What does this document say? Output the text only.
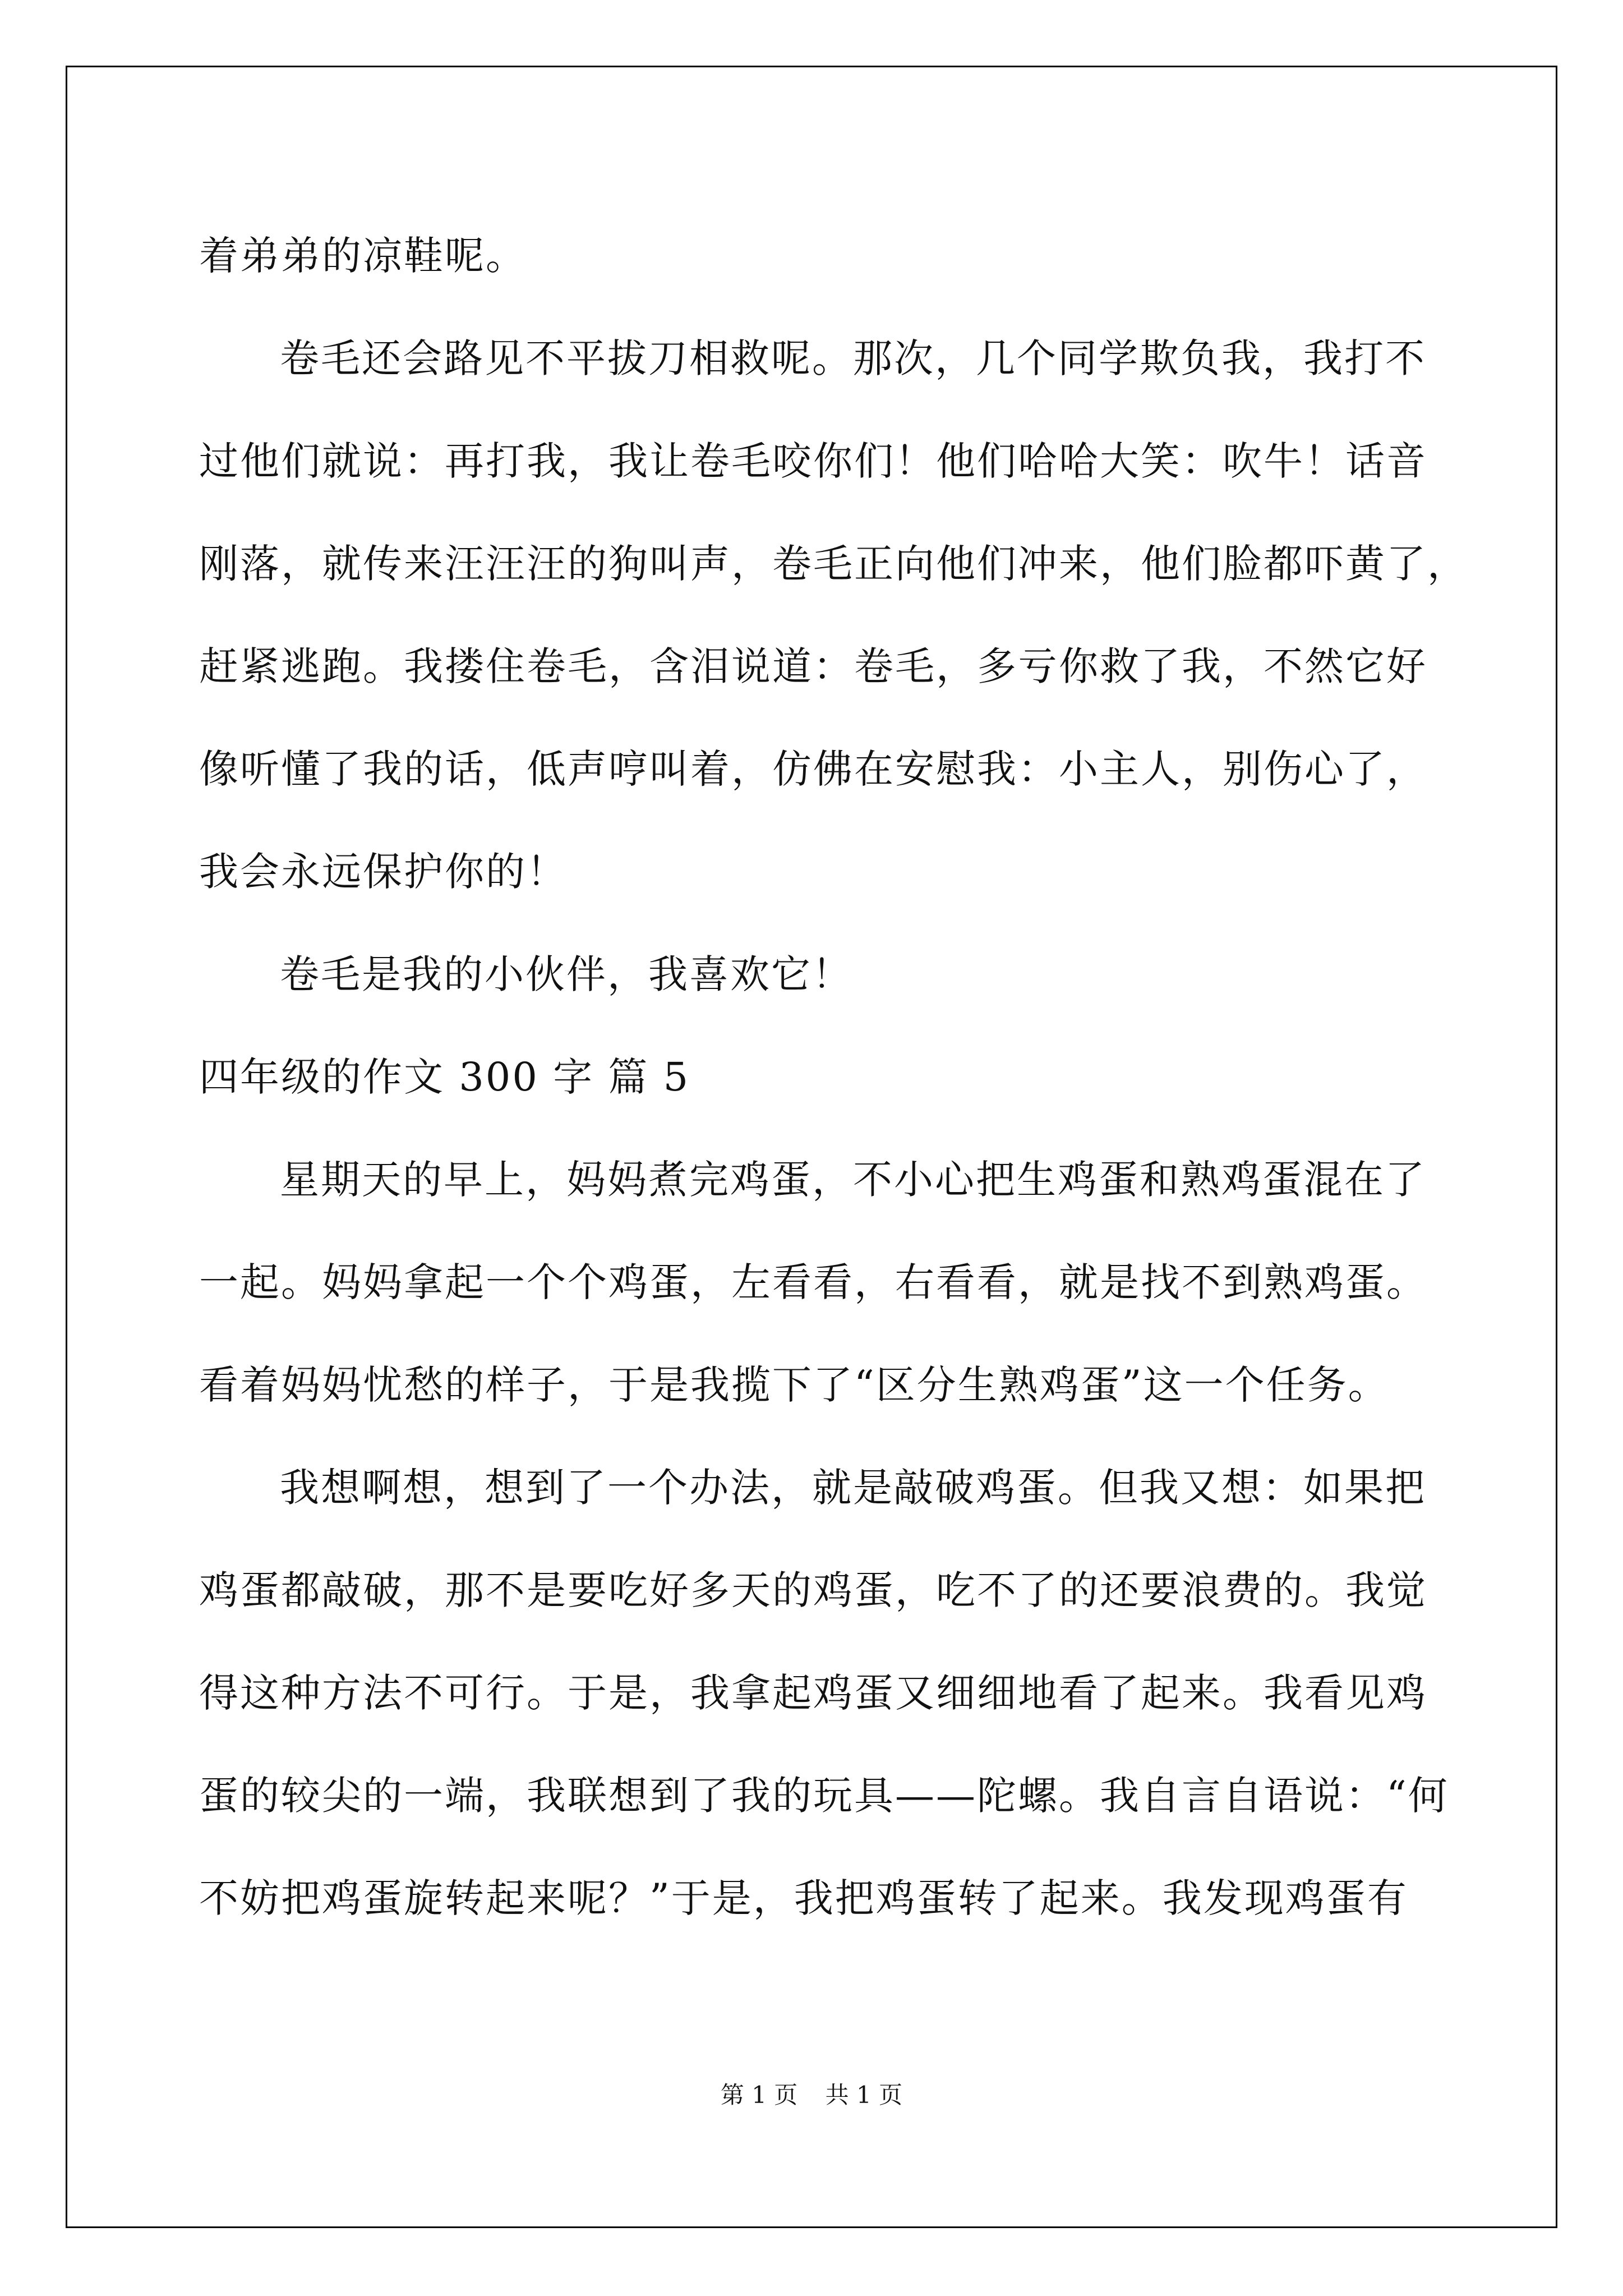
着弟弟的凉鞋呢。
卷毛还会路见不平拔刀相救呢。那次，几个同学欺负我，我打不
过他们就说：再打我，我让卷毛咬你们！他们哈哈大笑：吹牛！话音
刚落，就传来汪汪汪的狗叫声，卷毛正向他们冲来，他们脸都吓黄了，
赶紧逃跑。我搂住卷毛，含泪说道：卷毛，多亏你救了我，不然它好
像听懂了我的话，低声哼叫着，仿佛在安慰我：小主人，别伤心了，
我会永远保护你的！
卷毛是我的小伙伴，我喜欢它！
四年级的作文 300 字 篇 5
星期天的早上，妈妈煮完鸡蛋，不小心把生鸡蛋和熟鸡蛋混在了
一起。妈妈拿起一个个鸡蛋，左看看，右看看，就是找不到熟鸡蛋。
看着妈妈忧愁的样子，于是我揽下了“区分生熟鸡蛋”这一个任务。
我想啊想，想到了一个办法，就是敲破鸡蛋。但我又想：如果把
鸡蛋都敲破，那不是要吃好多天的鸡蛋，吃不了的还要浪费的。我觉
得这种方法不可行。于是，我拿起鸡蛋又细细地看了起来。我看见鸡
蛋的较尖的一端，我联想到了我的玩具——陀螺。我自言自语说：“何
不妨把鸡蛋旋转起来呢？”于是，我把鸡蛋转了起来。我发现鸡蛋有
第 1 页 共 1 页
